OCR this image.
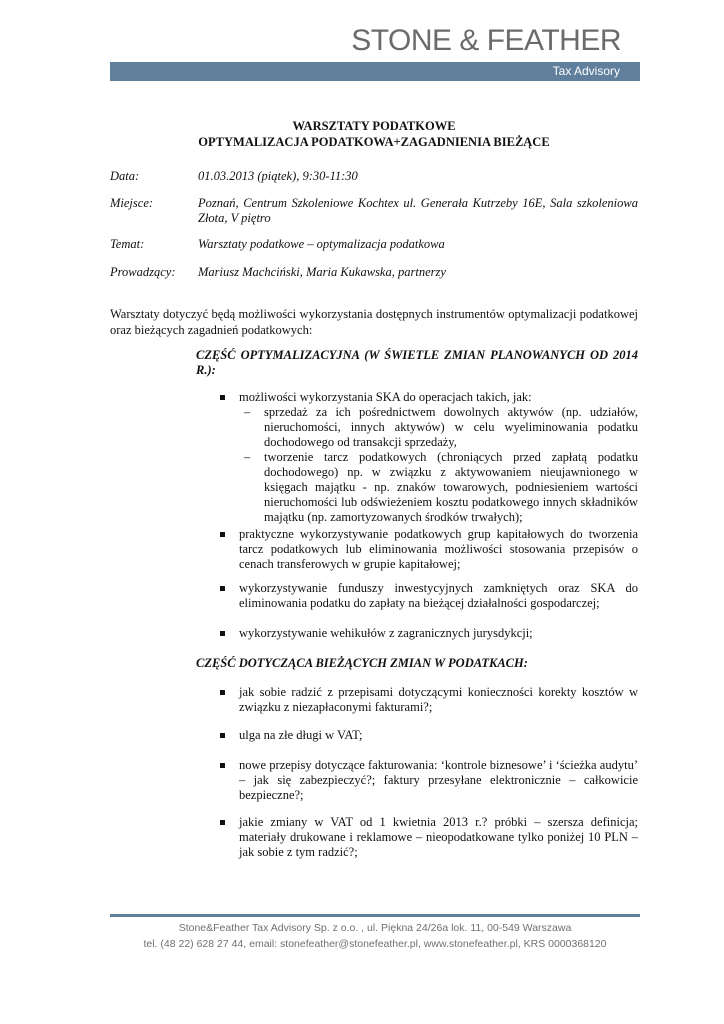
STONE & FEATHER
Tax Advisory
WARSZTATY PODATKOWE
OPTYMALIZACJA PODATKOWA+ZAGADNIENIA BIEŻĄCE
Data:	01.03.2013 (piątek), 9:30-11:30
Miejsce:	Poznań, Centrum Szkoleniowe Kochtex ul. Generała Kutrzeby 16E, Sala szkoleniowa Złota, V piętro
Temat:	Warsztaty podatkowe – optymalizacja podatkowa
Prowadzący: Mariusz Machciński, Maria Kukawska, partnerzy
Warsztaty dotyczyć będą możliwości wykorzystania dostępnych instrumentów optymalizacji podatkowej oraz bieżących zagadnień podatkowych:
CZĘŚĆ OPTYMALIZACYJNA (W ŚWIETLE ZMIAN PLANOWANYCH OD 2014 R.):
możliwości wykorzystania SKA do operacjach takich, jak:
– sprzedaż za ich pośrednictwem dowolnych aktywów (np. udziałów, nieruchomości, innych aktywów) w celu wyeliminowania podatku dochodowego od transakcji sprzedaży,
– tworzenie tarcz podatkowych (chroniących przed zapłatą podatku dochodowego) np. w związku z aktywowaniem nieujawnionego w księgach majątku - np. znaków towarowych, podniesieniem wartości nieruchomości lub odświeżeniem kosztu podatkowego innych składników majątku (np. zamortyzowanych środków trwałych);
praktyczne wykorzystywanie podatkowych grup kapitałowych do tworzenia tarcz podatkowych lub eliminowania możliwości stosowania przepisów o cenach transferowych w grupie kapitałowej;
wykorzystywanie funduszy inwestycyjnych zamkniętych oraz SKA do eliminowania podatku do zapłaty na bieżącej działalności gospodarczej;
wykorzystywanie wehikułów z zagranicznych jurysdykcji;
CZĘŚĆ DOTYCZĄCA BIEŻĄCYCH ZMIAN W PODATKACH:
jak sobie radzić z przepisami dotyczącymi konieczności korekty kosztów w związku z niezapłaconymi fakturami?;
ulga na złe długi w VAT;
nowe przepisy dotyczące fakturowania: ‘kontrole biznesowe’ i ‘ścieżka audytu’ – jak się zabezpieczyć?; faktury przesyłane elektronicznie – całkowicie bezpieczne?;
jakie zmiany w VAT od 1 kwietnia 2013 r.? próbki – szersza definicja; materiały drukowane i reklamowe – nieopodatkowane tylko poniżej 10 PLN – jak sobie z tym radzić?;
Stone&Feather Tax Advisory Sp. z o.o. , ul. Piękna 24/26a lok. 11, 00-549 Warszawa
tel. (48 22) 628 27 44, email: stonefeather@stonefeather.pl, www.stonefeather.pl, KRS 0000368120
